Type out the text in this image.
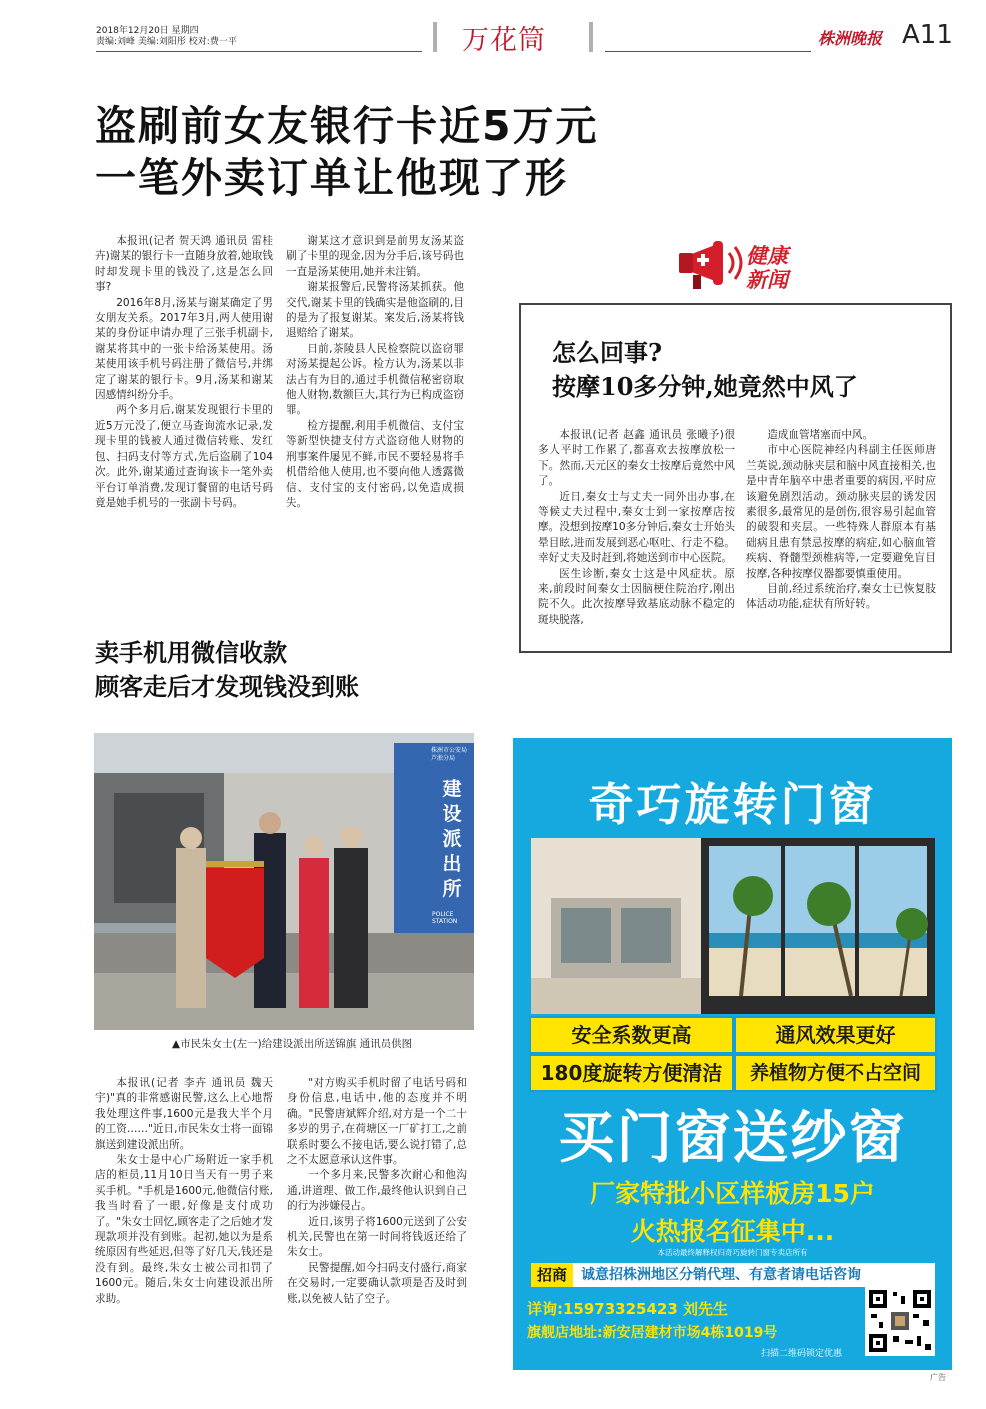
2018年12月20日 星期四
责编:刘峰 美编:刘阳彤 校对:费一平	万花筒	株洲晚报 A11
盗刷前女友银行卡近5万元
一笔外卖订单让他现了形

本报讯(记者 贺天鸿 通讯员 雷桂卉)谢某的银行卡一直随身放着,她取钱时却发现卡里的钱没了,这是怎么回事?

2016年8月,汤某与谢某确定了男女朋友关系。2017年3月,两人使用谢某的身份证申请办理了三张手机副卡,谢某将其中的一张卡给汤某使用。汤某使用该手机号码注册了微信号,并绑定了谢某的银行卡。9月,汤某和谢某因感情纠纷分手。

两个多月后,谢某发现银行卡里的近5万元没了,便立马查询流水记录,发现卡里的钱被人通过微信转账、发红包、扫码支付等方式,先后盗刷了104次。此外,谢某通过查询该卡一笔外卖平台订单消费,发现订餐留的电话号码竟是她手机号的一张副卡号码。

谢某这才意识到是前男友汤某盗刷了卡里的现金,因为分手后,该号码也一直是汤某使用,她并未注销。

谢某报警后,民警将汤某抓获。他交代,谢某卡里的钱确实是他盗刷的,目的是为了报复谢某。案发后,汤某将钱退赔给了谢某。

日前,茶陵县人民检察院以盗窃罪对汤某提起公诉。检方认为,汤某以非法占有为目的,通过手机微信秘密窃取他人财物,数额巨大,其行为已构成盗窃罪。

检方提醒,利用手机微信、支付宝等新型快捷支付方式盗窃他人财物的刑事案件屡见不鲜,市民不要轻易将手机借给他人使用,也不要向他人透露微信、支付宝的支付密码,以免造成损失。

健康
新闻
怎么回事?
按摩10多分钟,她竟然中风了

本报讯(记者 赵鑫 通讯员 张曦予)很多人平时工作累了,都喜欢去按摩放松一下。然而,天元区的秦女士按摩后竟然中风了。

近日,秦女士与丈夫一同外出办事,在等候丈夫过程中,秦女士到一家按摩店按摩。没想到按摩10多分钟后,秦女士开始头晕目眩,进而发展到恶心呕吐、行走不稳。幸好丈夫及时赶到,将她送到市中心医院。

医生诊断,秦女士这是中风症状。原来,前段时间秦女士因脑梗住院治疗,刚出院不久。此次按摩导致基底动脉不稳定的斑块脱落,

造成血管堵塞而中风。

市中心医院神经内科副主任医师唐兰英说,颈动脉夹层和脑中风直接相关,也是中青年脑卒中患者重要的病因,平时应该避免剧烈活动。颈动脉夹层的诱发因素很多,最常见的是创伤,很容易引起血管的破裂和夹层。一些特殊人群原本有基础病且患有禁忌按摩的病症,如心脑血管疾病、脊髓型颈椎病等,一定要避免盲目按摩,各种按摩仪器都要慎重使用。

目前,经过系统治疗,秦女士已恢复肢体活动功能,症状有所好转。

卖手机用微信收款
顾客走后才发现钱没到账
株洲市公安局 芦淞分局
建设派出所
POLICE STATION
▲市民朱女士(左一)给建设派出所送锦旗 通讯员供图

本报讯(记者 李卉 通讯员 魏天宇)"真的非常感谢民警,这么上心地帮我处理这件事,1600元是我大半个月的工资……"近日,市民朱女士将一面锦旗送到建设派出所。

朱女士是中心广场附近一家手机店的柜员,11月10日当天有一男子来买手机。"手机是1600元,他微信付账,我当时看了一眼,好像是支付成功了。"朱女士回忆,顾客走了之后她才发现款项并没有到账。起初,她以为是系统原因有些延迟,但等了好几天,钱还是没有到。最终,朱女士被公司扣罚了1600元。随后,朱女士向建设派出所求助。

"对方购买手机时留了电话号码和身份信息,电话中,他的态度并不明确。"民警唐斌辉介绍,对方是一个二十多岁的男子,在荷塘区一厂矿打工,之前联系时要么不接电话,要么说打错了,总之不太愿意承认这件事。

一个多月来,民警多次耐心和他沟通,讲道理、做工作,最终他认识到自己的行为涉嫌侵占。

近日,该男子将1600元送到了公安机关,民警也在第一时间将钱返还给了朱女士。

民警提醒,如今扫码支付盛行,商家在交易时,一定要确认款项是否及时到账,以免被人钻了空子。

奇巧旋转门窗
安全系数更高	通风效果更好
180度旋转方便清洁	养植物方便不占空间
买门窗送纱窗
厂家特批小区样板房15户
火热报名征集中...
本活动最终解释权归奇巧旋转门窗专卖店所有
招商	诚意招株洲地区分销代理、有意者请电话咨询
详询:15973325423 刘先生
旗舰店地址:新安居建材市场4栋1019号
扫描二维码锁定优惠
广告
